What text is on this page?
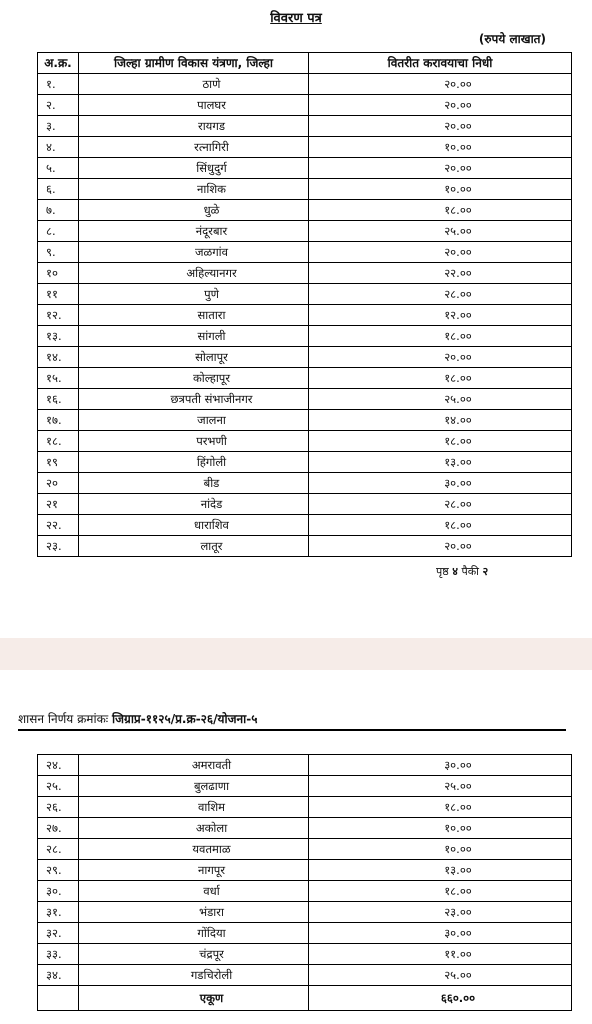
विवरण पत्र
(रुपये लाखात)
अ.क्र.	जिल्हा ग्रामीण विकास यंत्रणा, जिल्हा	वितरीत करावयाचा निधी
१.	ठाणे	२०.००
२.	पालघर	२०.००
३.	रायगड	२०.००
४.	रत्नागिरी	१०.००
५.	सिंधुदुर्ग	२०.००
६.	नाशिक	१०.००
७.	धुळे	१८.००
८.	नंदूरबार	२५.००
९.	जळगांव	२०.००
१०	अहिल्यानगर	२२.००
११	पुणे	२८.००
१२.	सातारा	१२.००
१३.	सांगली	१८.००
१४.	सोलापूर	२०.००
१५.	कोल्हापूर	१८.००
१६.	छत्रपती संभाजीनगर	२५.००
१७.	जालना	१४.००
१८.	परभणी	१८.००
१९	हिंगोली	१३.००
२०	बीड	३०.००
२१	नांदेड	२८.००
२२.	धाराशिव	१८.००
२३.	लातूर	२०.००
पृष्ठ ४ पैकी २
शासन निर्णय क्रमांकः जिग्राप्र-११२५/प्र.क्र-२६/योजना-५
२४.	अमरावती	३०.००
२५.	बुलढाणा	२५.००
२६.	वाशिम	१८.००
२७.	अकोला	१०.००
२८.	यवतमाळ	१०.००
२९.	नागपूर	१३.००
३०.	वर्धा	१८.००
३१.	भंडारा	२३.००
३२.	गोंदिया	३०.००
३३.	चंद्रपूर	११.००
३४.	गडचिरोली	२५.००
	एकूण	६६०.००
